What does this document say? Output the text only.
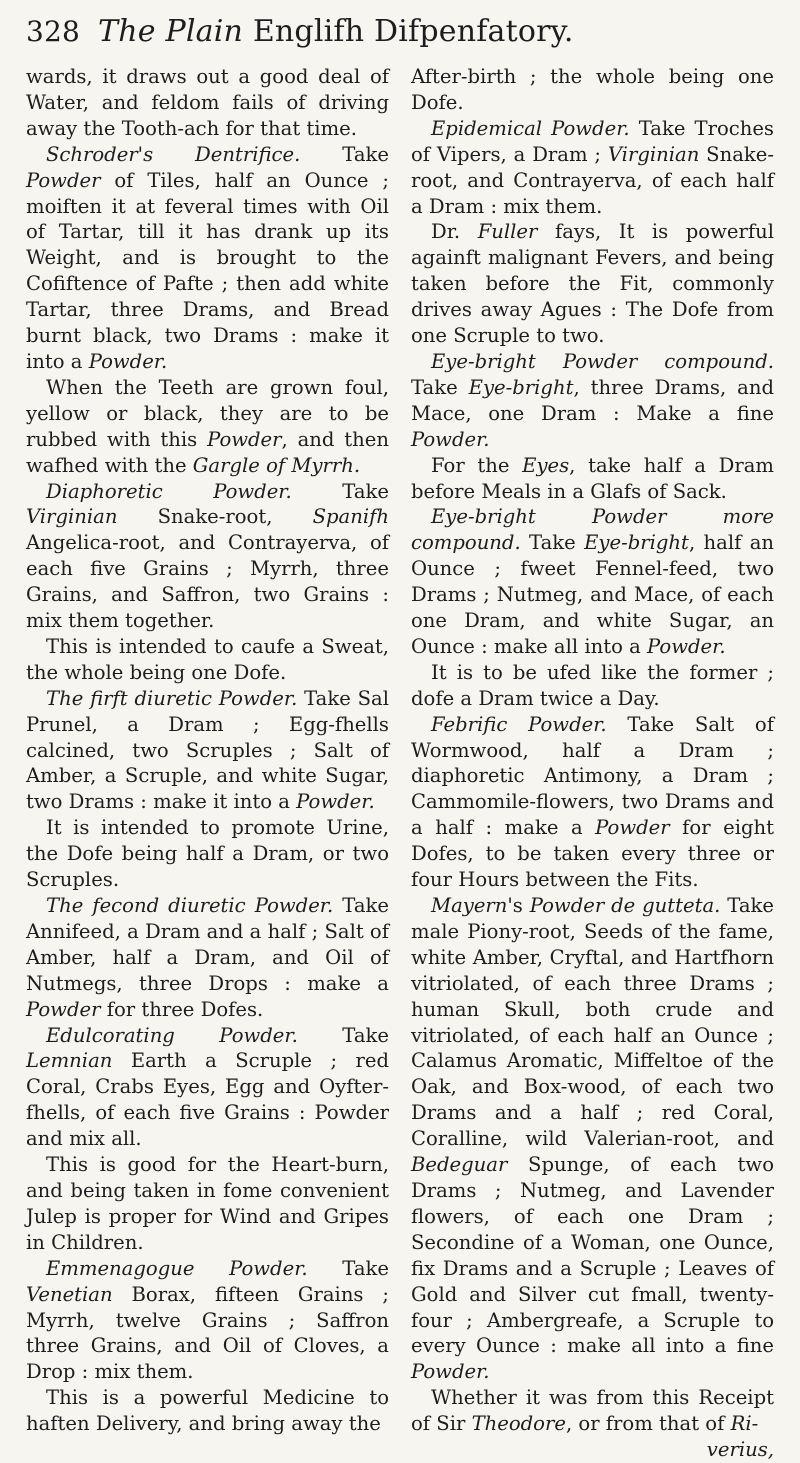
328 The Plain Englifh Difpenfatory.

wards, it draws out a good deal of Water, and feldom fails of driving away the Tooth-ach for that time.

Schroder's Dentrifice. Take Powder of Tiles, half an Ounce ; moiften it at feveral times with Oil of Tartar, till it has drank up its Weight, and is brought to the Cofiftence of Pafte ; then add white Tartar, three Drams, and Bread burnt black, two Drams : make it into a Powder.

When the Teeth are grown foul, yellow or black, they are to be rubbed with this Powder, and then wafhed with the Gargle of Myrrh.

Diaphoretic Powder. Take Virginian Snake-root, Spanifh Angelica-root, and Contrayerva, of each five Grains ; Myrrh, three Grains, and Saffron, two Grains : mix them together.

This is intended to caufe a Sweat, the whole being one Dofe.

The firft diuretic Powder. Take Sal Prunel, a Dram ; Egg-fhells calcined, two Scruples ; Salt of Amber, a Scruple, and white Sugar, two Drams : make it into a Powder.

It is intended to promote Urine, the Dofe being half a Dram, or two Scruples.

The fecond diuretic Powder. Take Annifeed, a Dram and a half ; Salt of Amber, half a Dram, and Oil of Nutmegs, three Drops : make a Powder for three Dofes.

Edulcorating Powder. Take Lemnian Earth a Scruple ; red Coral, Crabs Eyes, Egg and Oyfter-fhells, of each five Grains : Powder and mix all.

This is good for the Heart-burn, and being taken in fome convenient Julep is proper for Wind and Gripes in Children.

Emmenagogue Powder. Take Venetian Borax, fifteen Grains ; Myrrh, twelve Grains ; Saffron three Grains, and Oil of Cloves, a Drop : mix them.

This is a powerful Medicine to haften Delivery, and bring away the

After-birth ; the whole being one Dofe.

Epidemical Powder. Take Troches of Vipers, a Dram ; Virginian Snake-root, and Contrayerva, of each half a Dram : mix them.

Dr. Fuller fays, It is powerful againft malignant Fevers, and being taken before the Fit, commonly drives away Agues : The Dofe from one Scruple to two.

Eye-bright Powder compound. Take Eye-bright, three Drams, and Mace, one Dram : Make a fine Powder.

For the Eyes, take half a Dram before Meals in a Glafs of Sack.

Eye-bright Powder more compound. Take Eye-bright, half an Ounce ; fweet Fennel-feed, two Drams ; Nutmeg, and Mace, of each one Dram, and white Sugar, an Ounce : make all into a Powder.

It is to be ufed like the former ; dofe a Dram twice a Day.

Febrific Powder. Take Salt of Wormwood, half a Dram ; diaphoretic Antimony, a Dram ; Cammomile-flowers, two Drams and a half : make a Powder for eight Dofes, to be taken every three or four Hours between the Fits.

Mayern's Powder de gutteta. Take male Piony-root, Seeds of the fame, white Amber, Cryftal, and Hartfhorn vitriolated, of each three Drams ; human Skull, both crude and vitriolated, of each half an Ounce ; Calamus Aromatic, Miffeltoe of the Oak, and Box-wood, of each two Drams and a half ; red Coral, Coralline, wild Valerian-root, and Bedeguar Spunge, of each two Drams ; Nutmeg, and Lavender flowers, of each one Dram ; Secondine of a Woman, one Ounce, fix Drams and a Scruple ; Leaves of Gold and Silver cut fmall, twenty-four ; Ambergreafe, a Scruple to every Ounce : make all into a fine Powder.

Whether it was from this Receipt of Sir Theodore, or from that of Ri-

verius,
